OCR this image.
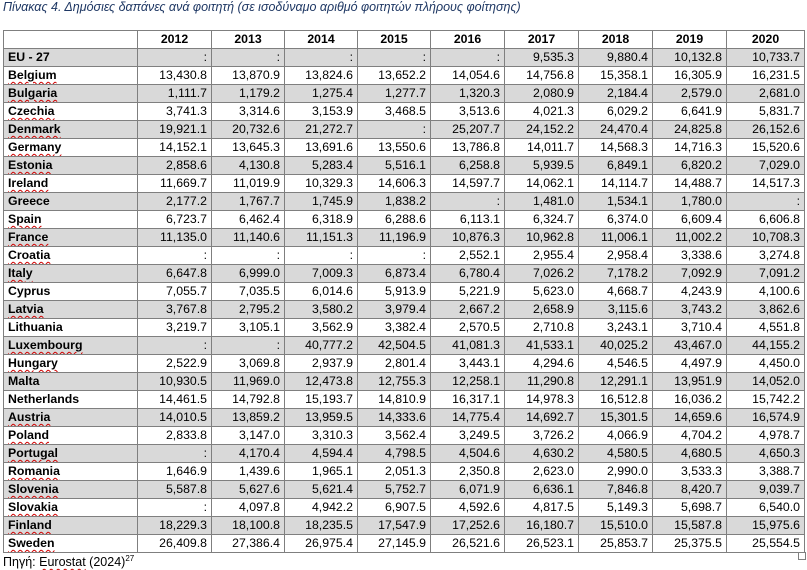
Πίνακας 4. Δημόσιες δαπάνες ανά φοιτητή (σε ισοδύναμο αριθμό φοιτητών πλήρους φοίτησης)
	2012	2013	2014	2015	2016	2017	2018	2019	2020
EU - 27	:	:	:	:	:	9,535.3	9,880.4	10,132.8	10,733.7
Belgium	13,430.8	13,870.9	13,824.6	13,652.2	14,054.6	14,756.8	15,358.1	16,305.9	16,231.5
Bulgaria	1,111.7	1,179.2	1,275.4	1,277.7	1,320.3	2,080.9	2,184.4	2,579.0	2,681.0
Czechia	3,741.3	3,314.6	3,153.9	3,468.5	3,513.6	4,021.3	6,029.2	6,641.9	5,831.7
Denmark	19,921.1	20,732.6	21,272.7	:	25,207.7	24,152.2	24,470.4	24,825.8	26,152.6
Germany	14,152.1	13,645.3	13,691.6	13,550.6	13,786.8	14,011.7	14,568.3	14,716.3	15,520.6
Estonia	2,858.6	4,130.8	5,283.4	5,516.1	6,258.8	5,939.5	6,849.1	6,820.2	7,029.0
Ireland	11,669.7	11,019.9	10,329.3	14,606.3	14,597.7	14,062.1	14,114.7	14,488.7	14,517.3
Greece	2,177.2	1,767.7	1,745.9	1,838.2	:	1,481.0	1,534.1	1,780.0	:
Spain	6,723.7	6,462.4	6,318.9	6,288.6	6,113.1	6,324.7	6,374.0	6,609.4	6,606.8
France	11,135.0	11,140.6	11,151.3	11,196.9	10,876.3	10,962.8	11,006.1	11,002.2	10,708.3
Croatia	:	:	:	:	2,552.1	2,955.4	2,958.4	3,338.6	3,274.8
Italy	6,647.8	6,999.0	7,009.3	6,873.4	6,780.4	7,026.2	7,178.2	7,092.9	7,091.2
Cyprus	7,055.7	7,035.5	6,014.6	5,913.9	5,221.9	5,623.0	4,668.7	4,243.9	4,100.6
Latvia	3,767.8	2,795.2	3,580.2	3,979.4	2,667.2	2,658.9	3,115.6	3,743.2	3,862.6
Lithuania	3,219.7	3,105.1	3,562.9	3,382.4	2,570.5	2,710.8	3,243.1	3,710.4	4,551.8
Luxembourg	:	:	40,777.2	42,504.5	41,081.3	41,533.1	40,025.2	43,467.0	44,155.2
Hungary	2,522.9	3,069.8	2,937.9	2,801.4	3,443.1	4,294.6	4,546.5	4,497.9	4,450.0
Malta	10,930.5	11,969.0	12,473.8	12,755.3	12,258.1	11,290.8	12,291.1	13,951.9	14,052.0
Netherlands	14,461.5	14,792.8	15,193.7	14,810.9	16,317.1	14,978.3	16,512.8	16,036.2	15,742.2
Austria	14,010.5	13,859.2	13,959.5	14,333.6	14,775.4	14,692.7	15,301.5	14,659.6	16,574.9
Poland	2,833.8	3,147.0	3,310.3	3,562.4	3,249.5	3,726.2	4,066.9	4,704.2	4,978.7
Portugal	:	4,170.4	4,594.4	4,798.5	4,504.6	4,630.2	4,580.5	4,680.5	4,650.3
Romania	1,646.9	1,439.6	1,965.1	2,051.3	2,350.8	2,623.0	2,990.0	3,533.3	3,388.7
Slovenia	5,587.8	5,627.6	5,621.4	5,752.7	6,071.9	6,636.1	7,846.8	8,420.7	9,039.7
Slovakia	:	4,097.8	4,942.2	6,907.5	4,592.6	4,817.5	5,149.3	5,698.7	6,540.0
Finland	18,229.3	18,100.8	18,235.5	17,547.9	17,252.6	16,180.7	15,510.0	15,587.8	15,975.6
Sweden	26,409.8	27,386.4	26,975.4	27,145.9	26,521.6	26,523.1	25,853.7	25,375.5	25,554.5
Πηγή: Eurostat $(2024)^{27}$
